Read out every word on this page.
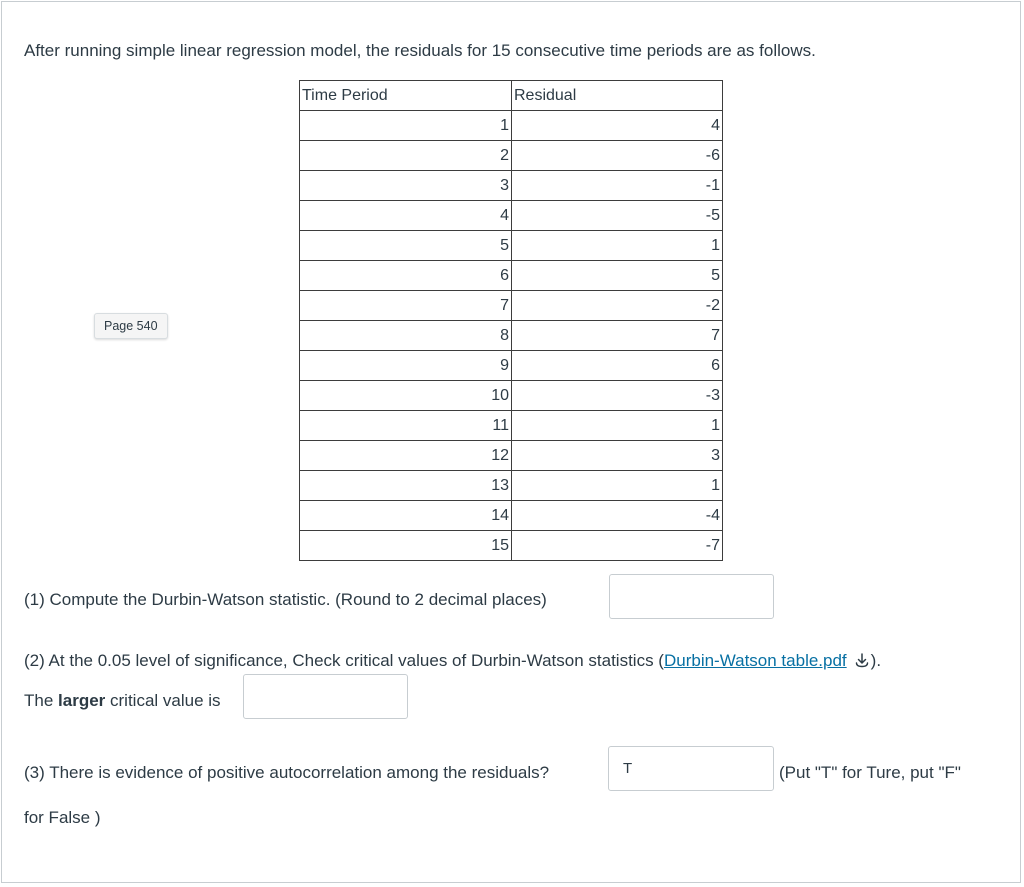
After running simple linear regression model, the residuals for 15 consecutive time periods are as follows.
Page 540
Time Period	Residual
1	4
2	-6
3	-1
4	-5
5	1
6	5
7	-2
8	7
9	6
10	-3
11	1
12	3
13	1
14	-4
15	-7
(1) Compute the Durbin-Watson statistic. (Round to 2 decimal places)
(2) At the 0.05 level of significance, Check critical values of Durbin-Watson statistics (Durbin-Watson table.pdf ).
The larger critical value is
(3) There is evidence of positive autocorrelation among the residuals?
T	(Put "T" for Ture, put "F"
for False )
